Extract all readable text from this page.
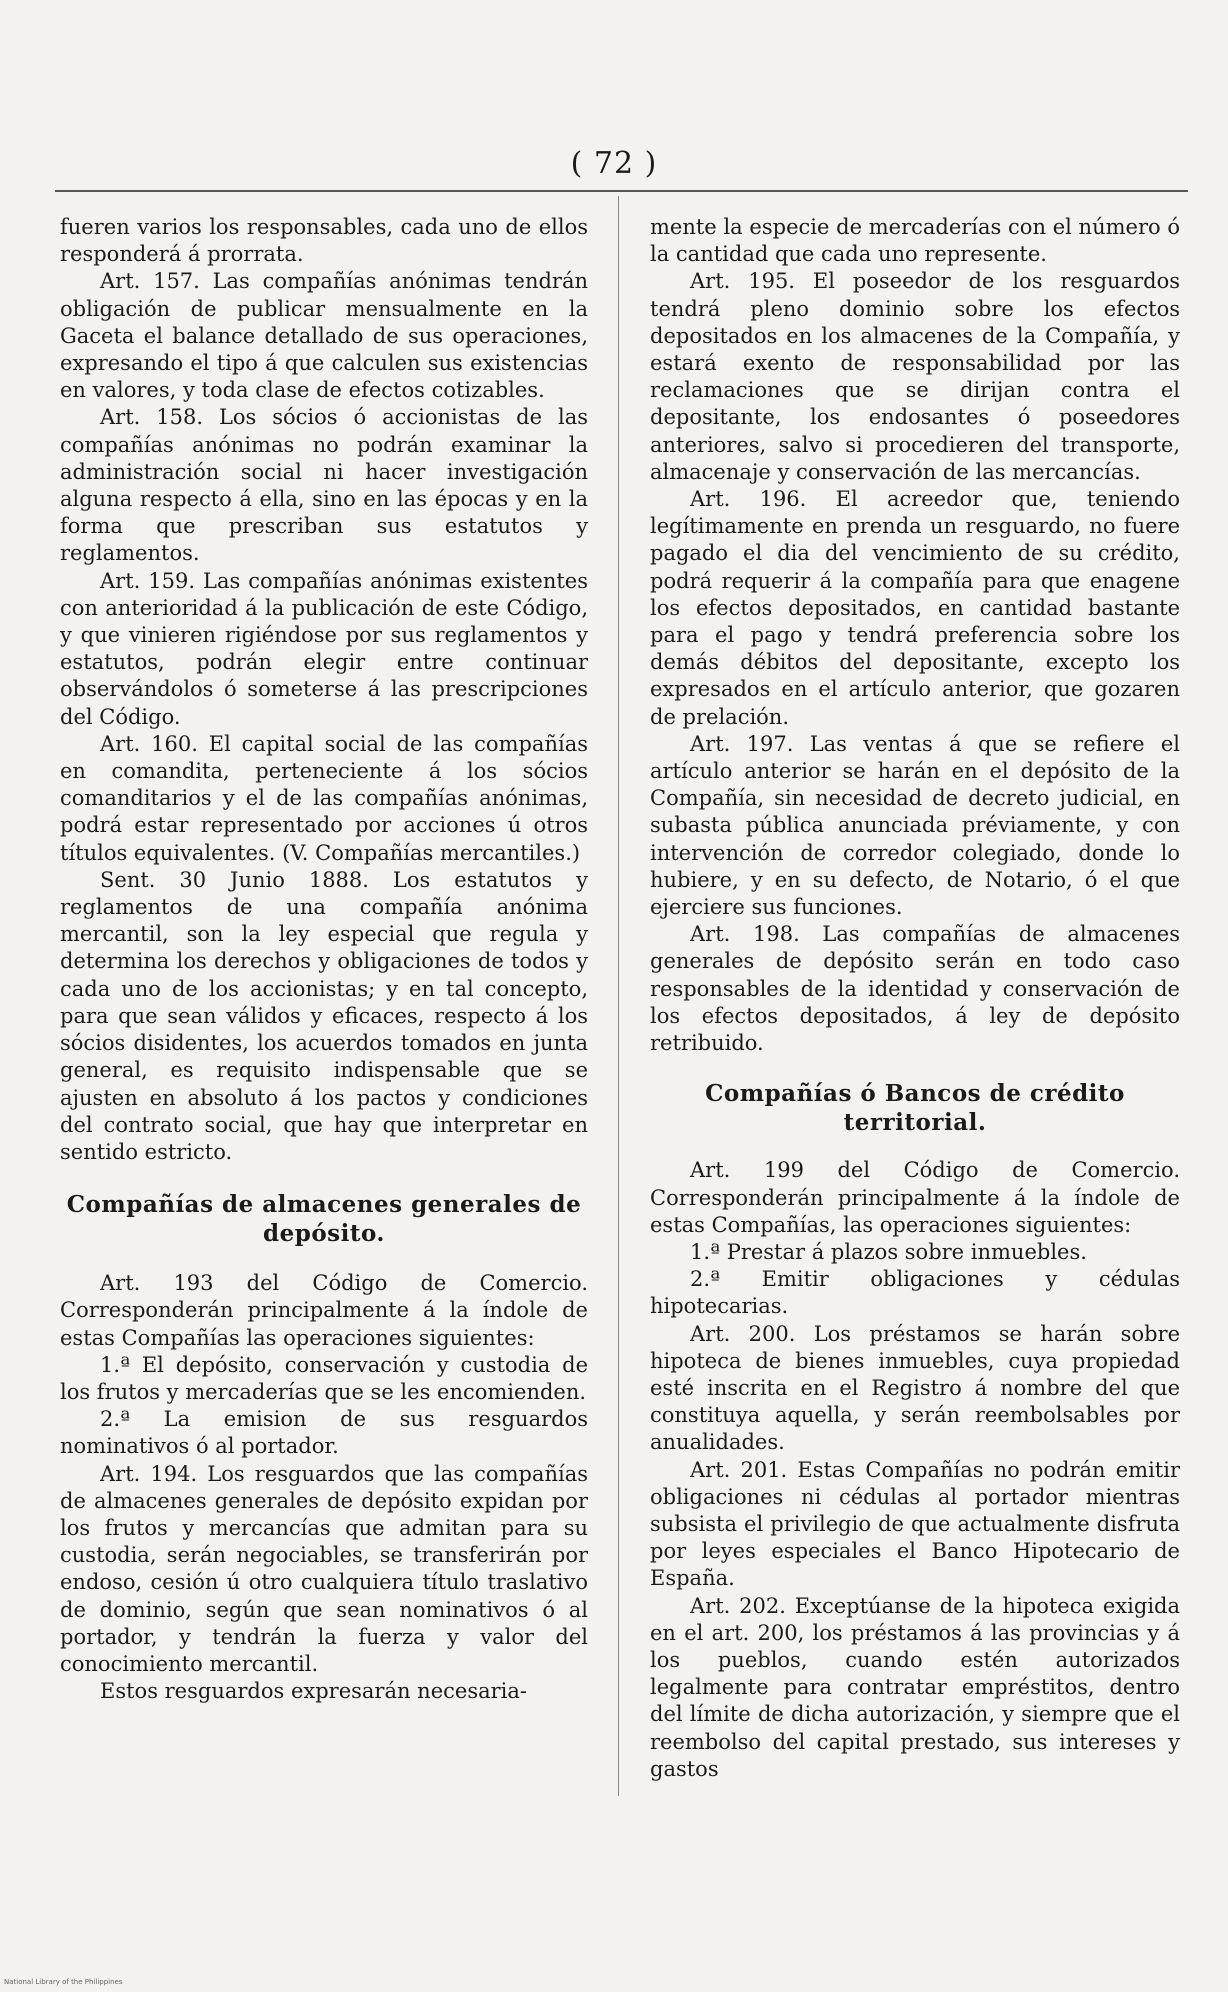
( 72 )

fueren varios los responsables, cada uno de ellos responderá á prorrata.

Art. 157. Las compañías anónimas tendrán obligación de publicar mensualmente en la Gaceta el balance detallado de sus operaciones, expresando el tipo á que calculen sus existencias en valores, y toda clase de efectos cotizables.

Art. 158. Los sócios ó accionistas de las compañías anónimas no podrán examinar la administración social ni hacer investigación alguna respecto á ella, sino en las épocas y en la forma que prescriban sus estatutos y reglamentos.

Art. 159. Las compañías anónimas existentes con anterioridad á la publicación de este Código, y que vinieren rigiéndose por sus reglamentos y estatutos, podrán elegir entre continuar observándolos ó someterse á las prescripciones del Código.

Art. 160. El capital social de las compañías en comandita, perteneciente á los sócios comanditarios y el de las compañías anónimas, podrá estar representado por acciones ú otros títulos equivalentes. (V. Compañías mercantiles.)

Sent. 30 Junio 1888. Los estatutos y reglamentos de una compañía anónima mercantil, son la ley especial que regula y determina los derechos y obligaciones de todos y cada uno de los accionistas; y en tal concepto, para que sean válidos y eficaces, respecto á los sócios disidentes, los acuerdos tomados en junta general, es requisito indispensable que se ajusten en absoluto á los pactos y condiciones del contrato social, que hay que interpretar en sentido estricto.

Compañías de almacenes generales de depósito.

Art. 193 del Código de Comercio. Corresponderán principalmente á la índole de estas Compañías las operaciones siguientes:

1.ª El depósito, conservación y custodia de los frutos y mercaderías que se les encomienden.

2.ª La emision de sus resguardos nominativos ó al portador.

Art. 194. Los resguardos que las compañías de almacenes generales de depósito expidan por los frutos y mercancías que admitan para su custodia, serán negociables, se transferirán por endoso, cesión ú otro cualquiera título traslativo de dominio, según que sean nominativos ó al portador, y tendrán la fuerza y valor del conocimiento mercantil.

Estos resguardos expresarán necesaria-

mente la especie de mercaderías con el número ó la cantidad que cada uno represente.

Art. 195. El poseedor de los resguardos tendrá pleno dominio sobre los efectos depositados en los almacenes de la Compañía, y estará exento de responsabilidad por las reclamaciones que se dirijan contra el depositante, los endosantes ó poseedores anteriores, salvo si procedieren del transporte, almacenaje y conservación de las mercancías.

Art. 196. El acreedor que, teniendo legítimamente en prenda un resguardo, no fuere pagado el dia del vencimiento de su crédito, podrá requerir á la compañía para que enagene los efectos depositados, en cantidad bastante para el pago y tendrá preferencia sobre los demás débitos del depositante, excepto los expresados en el artículo anterior, que gozaren de prelación.

Art. 197. Las ventas á que se refiere el artículo anterior se harán en el depósito de la Compañía, sin necesidad de decreto judicial, en subasta pública anunciada préviamente, y con intervención de corredor colegiado, donde lo hubiere, y en su defecto, de Notario, ó el que ejerciere sus funciones.

Art. 198. Las compañías de almacenes generales de depósito serán en todo caso responsables de la identidad y conservación de los efectos depositados, á ley de depósito retribuido.

Compañías ó Bancos de crédito territorial.

Art. 199 del Código de Comercio. Corresponderán principalmente á la índole de estas Compañías, las operaciones siguientes:

1.ª Prestar á plazos sobre inmuebles.

2.ª Emitir obligaciones y cédulas hipotecarias.

Art. 200. Los préstamos se harán sobre hipoteca de bienes inmuebles, cuya propiedad esté inscrita en el Registro á nombre del que constituya aquella, y serán reembolsables por anualidades.

Art. 201. Estas Compañías no podrán emitir obligaciones ni cédulas al portador mientras subsista el privilegio de que actualmente disfruta por leyes especiales el Banco Hipotecario de España.

Art. 202. Exceptúanse de la hipoteca exigida en el art. 200, los préstamos á las provincias y á los pueblos, cuando estén autorizados legalmente para contratar empréstitos, dentro del límite de dicha autorización, y siempre que el reembolso del capital prestado, sus intereses y gastos

National Library of the Philippines
